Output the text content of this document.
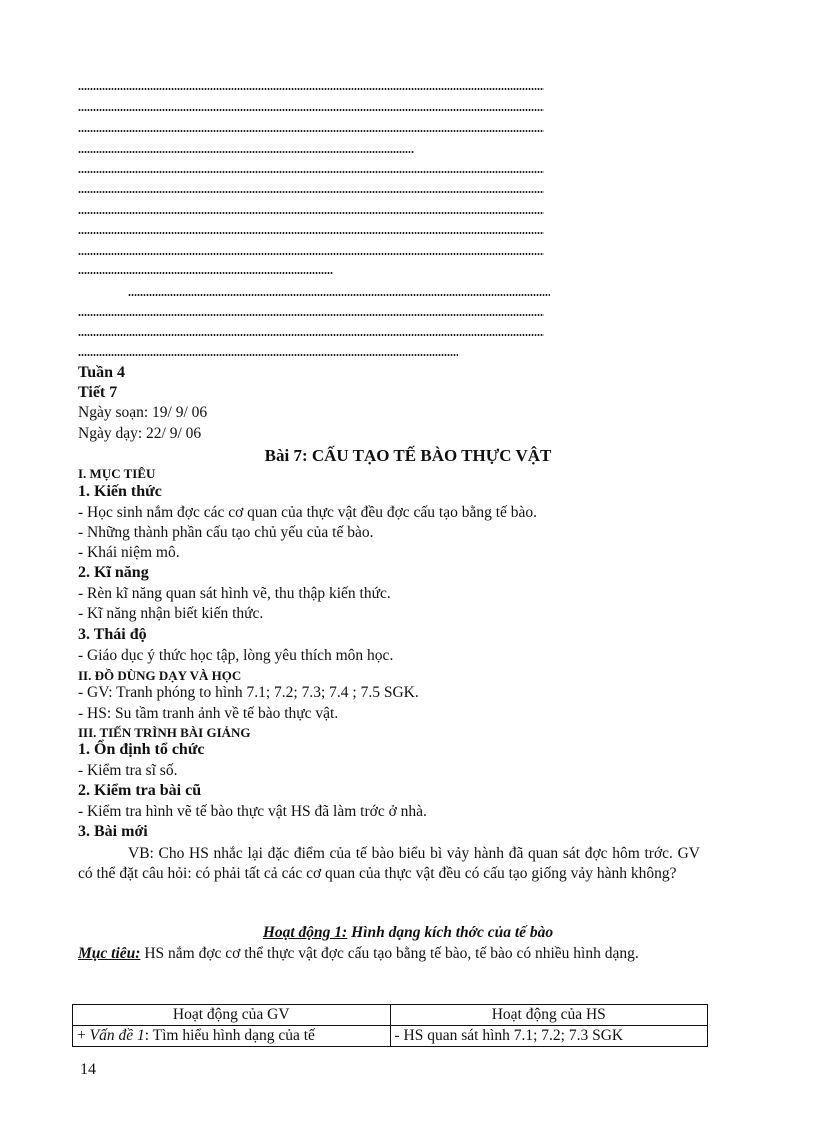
Tuần 4
Tiết 7
Ngày soạn: 19/ 9/ 06
Ngày dạy: 22/ 9/ 06
Bài 7: CẤU TẠO TẾ BÀO THỰC VẬT
I. MỤC TIÊU
1. Kiến thức
- Học sinh nắm đợc các cơ quan của thực vật đều đợc cấu tạo bằng tế bào.
- Những thành phần cấu tạo chủ yếu của tế bào.
- Khái niệm mô.
2. Kĩ năng
- Rèn kĩ năng quan sát hình vẽ, thu thập kiến thức.
- Kĩ năng nhận biết kiến thức.
3. Thái độ
- Giáo dục ý thức học tập, lòng yêu thích môn học.
II. ĐỒ DÙNG DẠY VÀ HỌC
- GV: Tranh phóng to hình 7.1; 7.2; 7.3; 7.4 ; 7.5 SGK.
- HS: Su tầm tranh ảnh về tế bào thực vật.
III. TIẾN TRÌNH BÀI GIẢNG
1. Ổn định tổ chức
- Kiểm tra sĩ số.
2. Kiểm tra bài cũ
- Kiểm tra hình vẽ tế bào thực vật HS đã làm trớc ở nhà.
3. Bài mới
VB: Cho HS nhắc lại đặc điểm của tế bào biểu bì vảy hành đã quan sát đợc hôm trớc. GV có thể đặt câu hỏi: có phải tất cả các cơ quan của thực vật đều có cấu tạo giống vảy hành không?
Hoạt động 1: Hình dạng kích thớc của tế bào
Mục tiêu: HS nắm đợc cơ thể thực vật đợc cấu tạo bằng tế bào, tế bào có nhiều hình dạng.
Hoạt động của GV	Hoạt động của HS
+ Vấn đề 1: Tìm hiểu hình dạng của tế	- HS quan sát hình 7.1; 7.2; 7.3 SGK
14
